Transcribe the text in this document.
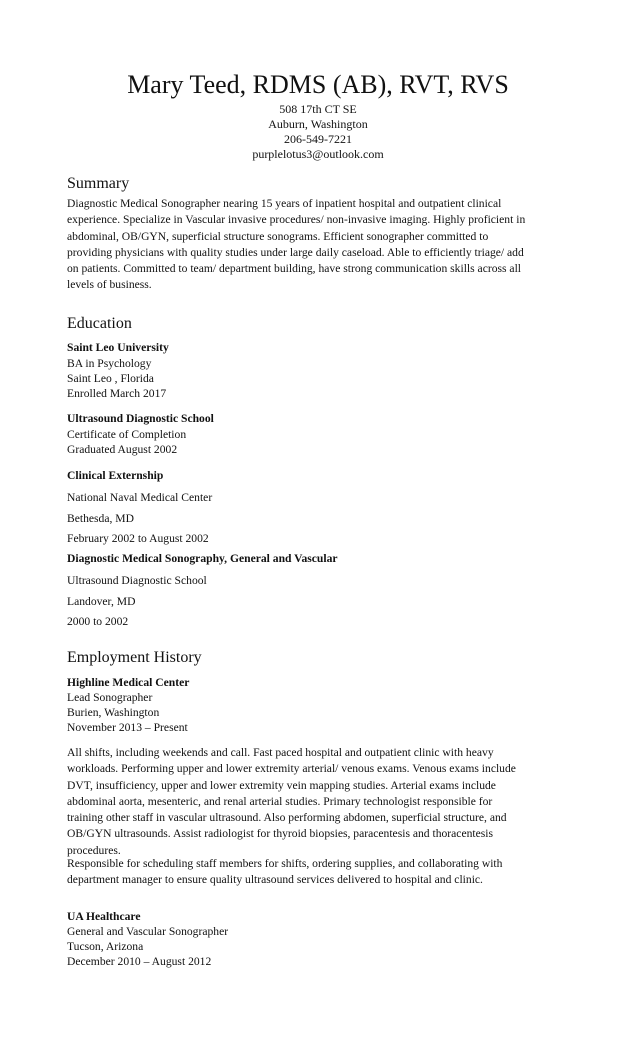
Mary Teed, RDMS (AB), RVT, RVS
508 17th CT SE
Auburn, Washington
206-549-7221
purplelotus3@outlook.com
Summary
Diagnostic Medical Sonographer nearing 15 years of inpatient hospital and outpatient clinical
experience. Specialize in Vascular invasive procedures/ non-invasive imaging. Highly proficient in
abdominal, OB/GYN, superficial structure sonograms. Efficient sonographer committed to
providing physicians with quality studies under large daily caseload. Able to efficiently triage/ add
on patients. Committed to team/ department building, have strong communication skills across all
levels of business.
Education
Saint Leo University
BA in Psychology
Saint Leo , Florida
Enrolled March 2017
Ultrasound Diagnostic School
Certificate of Completion
Graduated August 2002
Clinical Externship
National Naval Medical Center
Bethesda, MD
February 2002 to August 2002
Diagnostic Medical Sonography, General and Vascular
Ultrasound Diagnostic School
Landover, MD
2000 to 2002
Employment History
Highline Medical Center
Lead Sonographer
Burien, Washington
November 2013 – Present
All shifts, including weekends and call. Fast paced hospital and outpatient clinic with heavy
workloads. Performing upper and lower extremity arterial/ venous exams. Venous exams include
DVT, insufficiency, upper and lower extremity vein mapping studies. Arterial exams include
abdominal aorta, mesenteric, and renal arterial studies. Primary technologist responsible for
training other staff in vascular ultrasound. Also performing abdomen, superficial structure, and
OB/GYN ultrasounds. Assist radiologist for thyroid biopsies, paracentesis and thoracentesis
procedures.
Responsible for scheduling staff members for shifts, ordering supplies, and collaborating with
department manager to ensure quality ultrasound services delivered to hospital and clinic.
UA Healthcare
General and Vascular Sonographer
Tucson, Arizona
December 2010 – August 2012
